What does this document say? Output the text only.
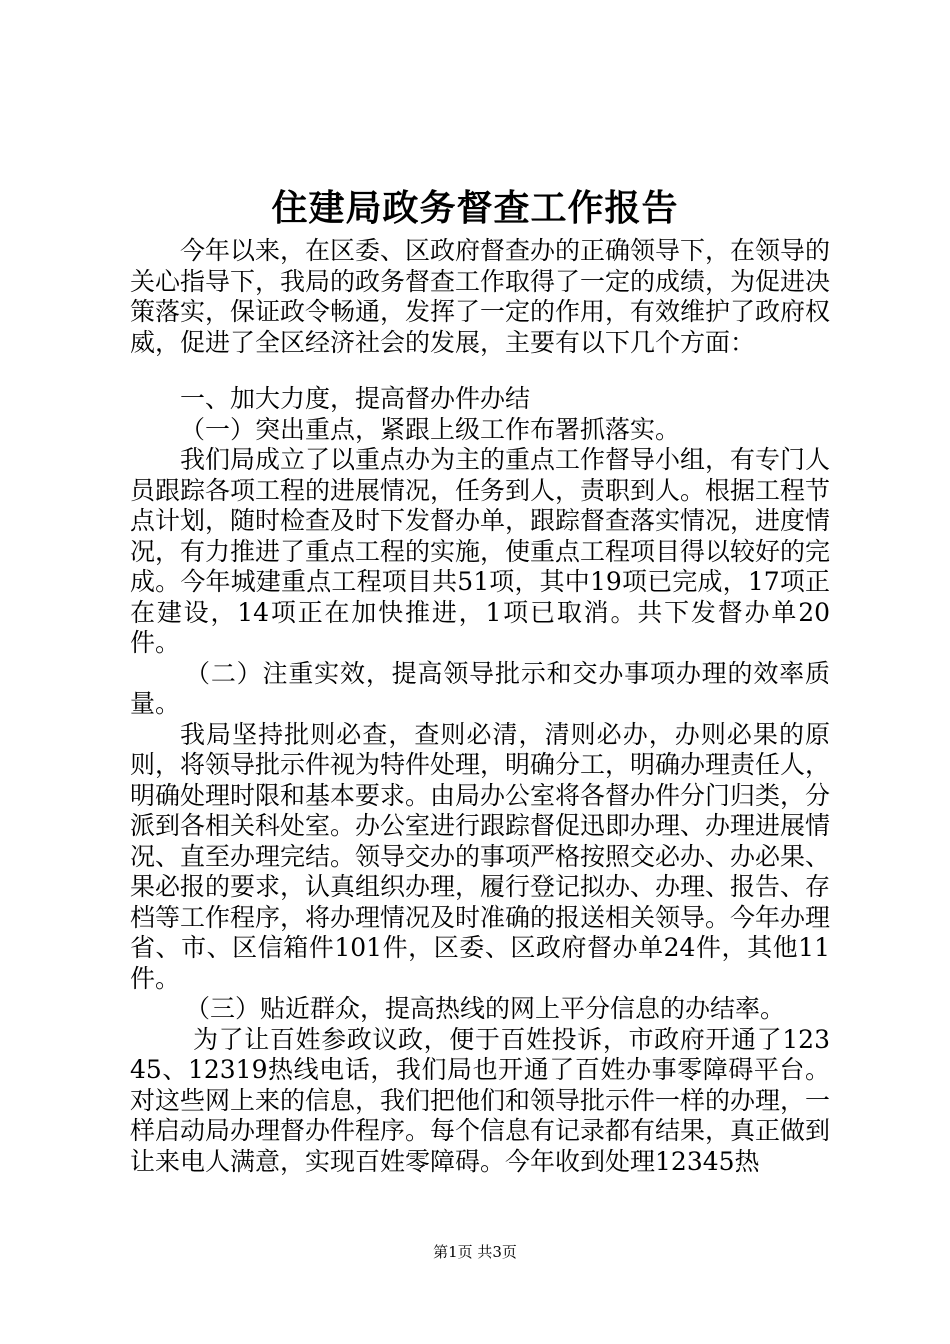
住建局政务督查工作报告

今年以来，在区委、区政府督查办的正确领导下，在领导的关心指导下，我局的政务督查工作取得了一定的成绩，为促进决策落实，保证政令畅通，发挥了一定的作用，有效维护了政府权威，促进了全区经济社会的发展，主要有以下几个方面：

一、加大力度，提高督办件办结

（一）突出重点，紧跟上级工作布署抓落实。

我们局成立了以重点办为主的重点工作督导小组，有专门人员跟踪各项工程的进展情况，任务到人，责职到人。根据工程节点计划，随时检查及时下发督办单，跟踪督查落实情况，进度情况，有力推进了重点工程的实施，使重点工程项目得以较好的完成。今年城建重点工程项目共51项，其中19项已完成，17项正在建设，14项正在加快推进，1项已取消。共下发督办单20件。

（二）注重实效，提高领导批示和交办事项办理的效率质量。

我局坚持批则必查，查则必清，清则必办，办则必果的原则，将领导批示件视为特件处理，明确分工，明确办理责任人，明确处理时限和基本要求。由局办公室将各督办件分门归类，分派到各相关科处室。办公室进行跟踪督促迅即办理、办理进展情况、直至办理完结。领导交办的事项严格按照交必办、办必果、果必报的要求，认真组织办理，履行登记拟办、办理、报告、存档等工作程序，将办理情况及时准确的报送相关领导。今年办理省、市、区信箱件101件，区委、区政府督办单24件，其他11件。

（三）贴近群众，提高热线的网上平分信息的办结率。

为了让百姓参政议政，便于百姓投诉，市政府开通了12345、12319热线电话，我们局也开通了百姓办事零障碍平台。对这些网上来的信息，我们把他们和领导批示件一样的办理，一样启动局办理督办件程序。每个信息有记录都有结果，真正做到让来电人满意，实现百姓零障碍。今年收到处理12345热

第1页 共3页
